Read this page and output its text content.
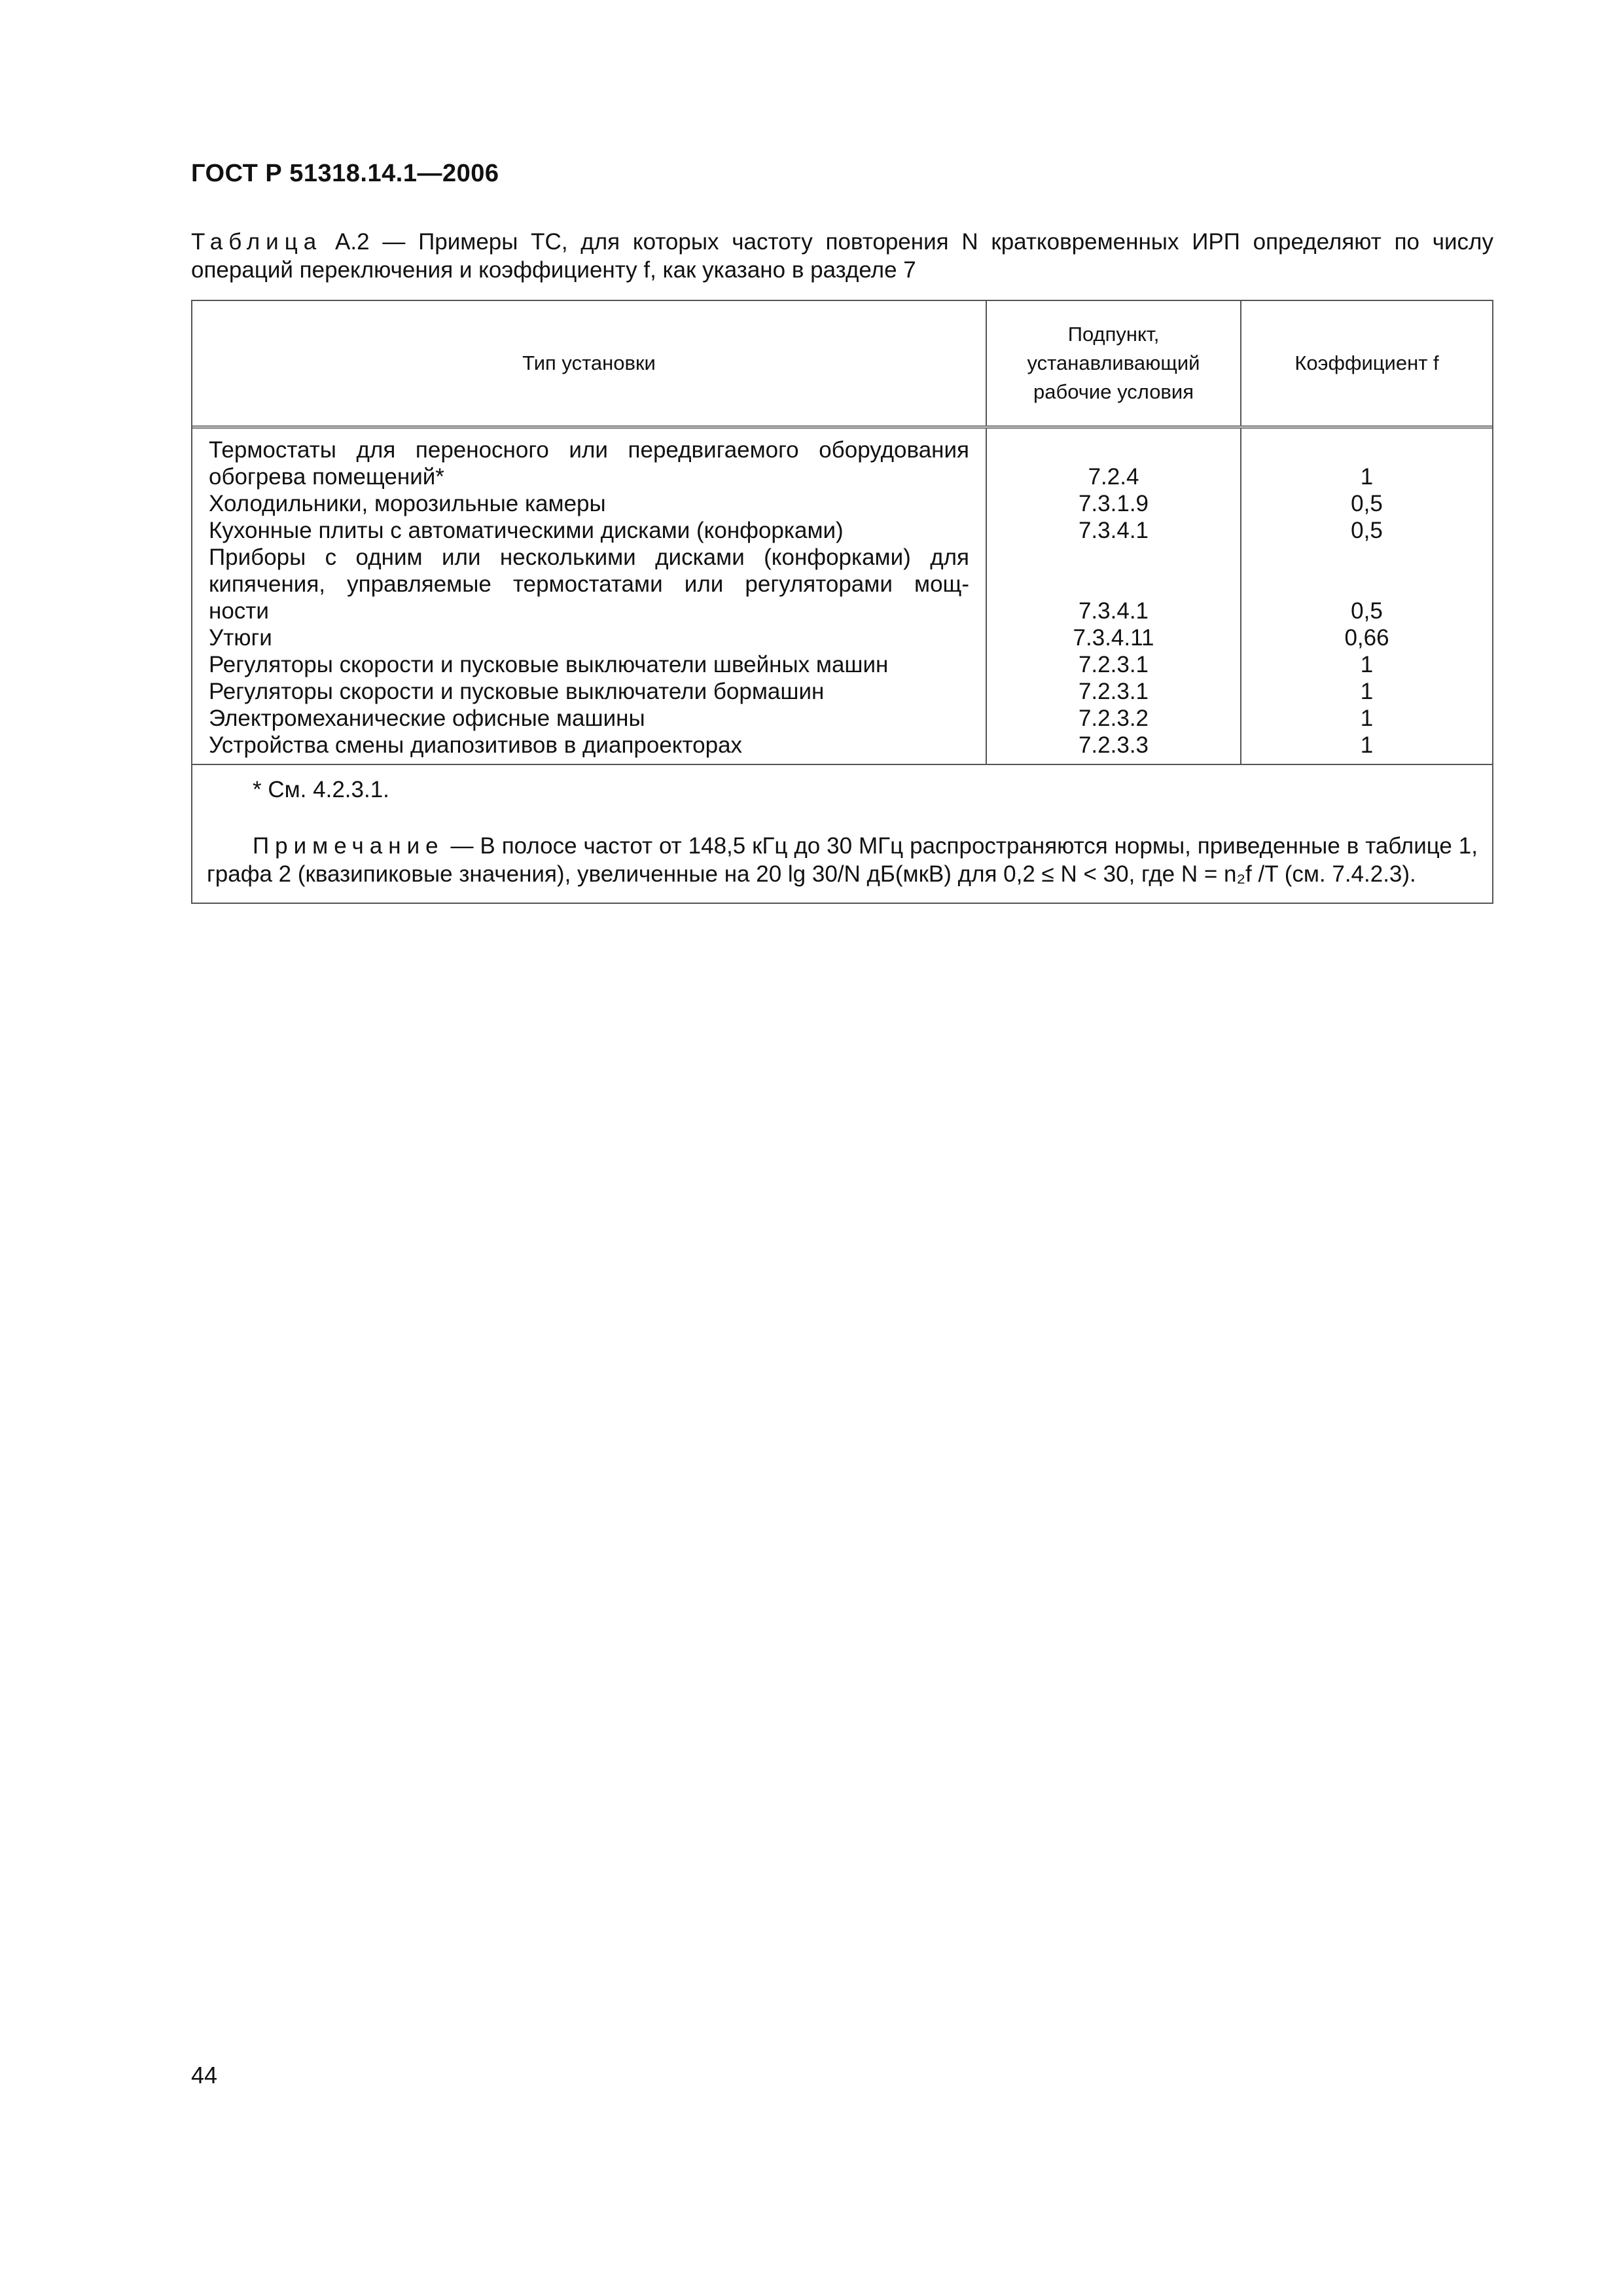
ГОСТ Р 51318.14.1—2006
Таблица А.2 — Примеры ТС, для которых частоту повторения N кратковременных ИРП определяют по числу операций переключения и коэффициенту f, как указано в разделе 7
Тип установки
Подпункт, устанавливающий рабочие условия
Коэффициент f
Термостаты для переносного или передвигаемого оборудования
обогрева помещений*
Холодильники, морозильные камеры
Кухонные плиты с автоматическими дисками (конфорками)
Приборы с одним или несколькими дисками (конфорками) для
кипячения, управляемые термостатами или регуляторами мощ-
ности
Утюги
Регуляторы скорости и пусковые выключатели швейных машин
Регуляторы скорости и пусковые выключатели бормашин
Электромеханические офисные машины
Устройства смены диапозитивов в диапроекторах
7.2.4
7.3.1.9
7.3.4.1
7.3.4.1
7.3.4.11
7.2.3.1
7.2.3.1
7.2.3.2
7.2.3.3
1
0,5
0,5
0,5
0,66
1
1
1
1
* См. 4.2.3.1.
Примечание — В полосе частот от 148,5 кГц до 30 МГц распространяются нормы, приведенные в таблице 1, графа 2 (квазипиковые значения), увеличенные на 20 lg 30/N дБ(мкВ) для 0,2 ≤ N < 30, где N = n₂f /T (см. 7.4.2.3).
44
